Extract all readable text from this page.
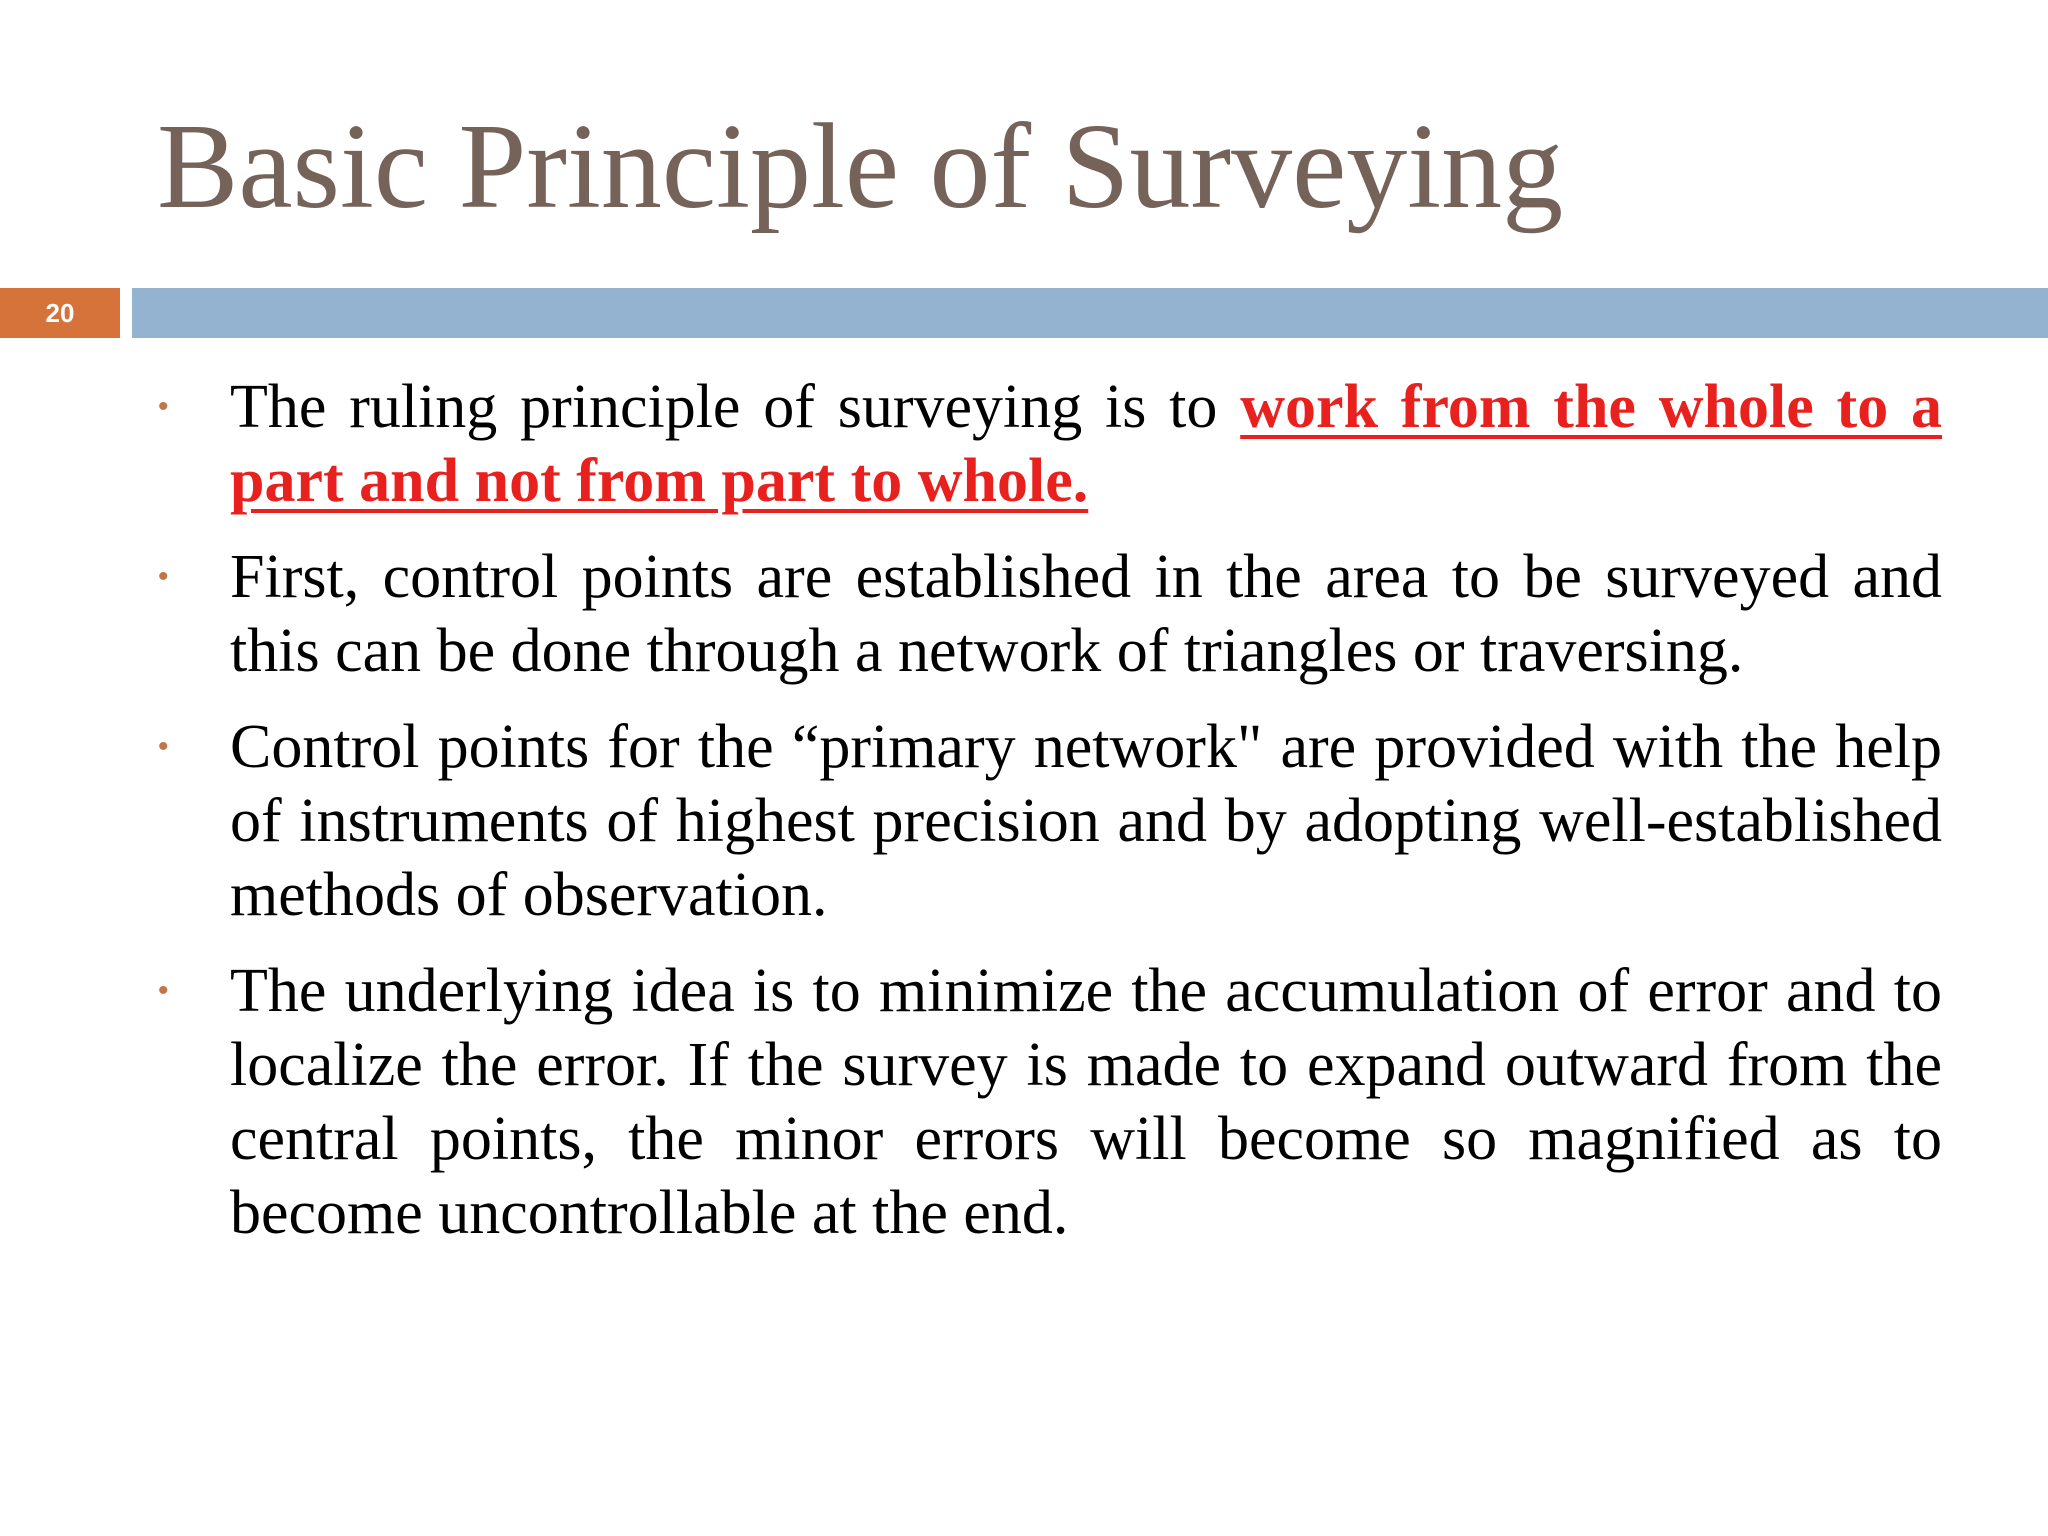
Basic Principle of Surveying
20
• The ruling principle of surveying is to work from the whole to a part and not from part to whole.
• First, control points are established in the area to be surveyed and this can be done through a network of triangles or traversing.
• Control points for the “primary network" are provided with the help of instruments of highest precision and by adopting well-established methods of observation.
• The underlying idea is to minimize the accumulation of error and to localize the error. If the survey is made to expand outward from the central points, the minor errors will become so magnified as to become uncontrollable at the end.
